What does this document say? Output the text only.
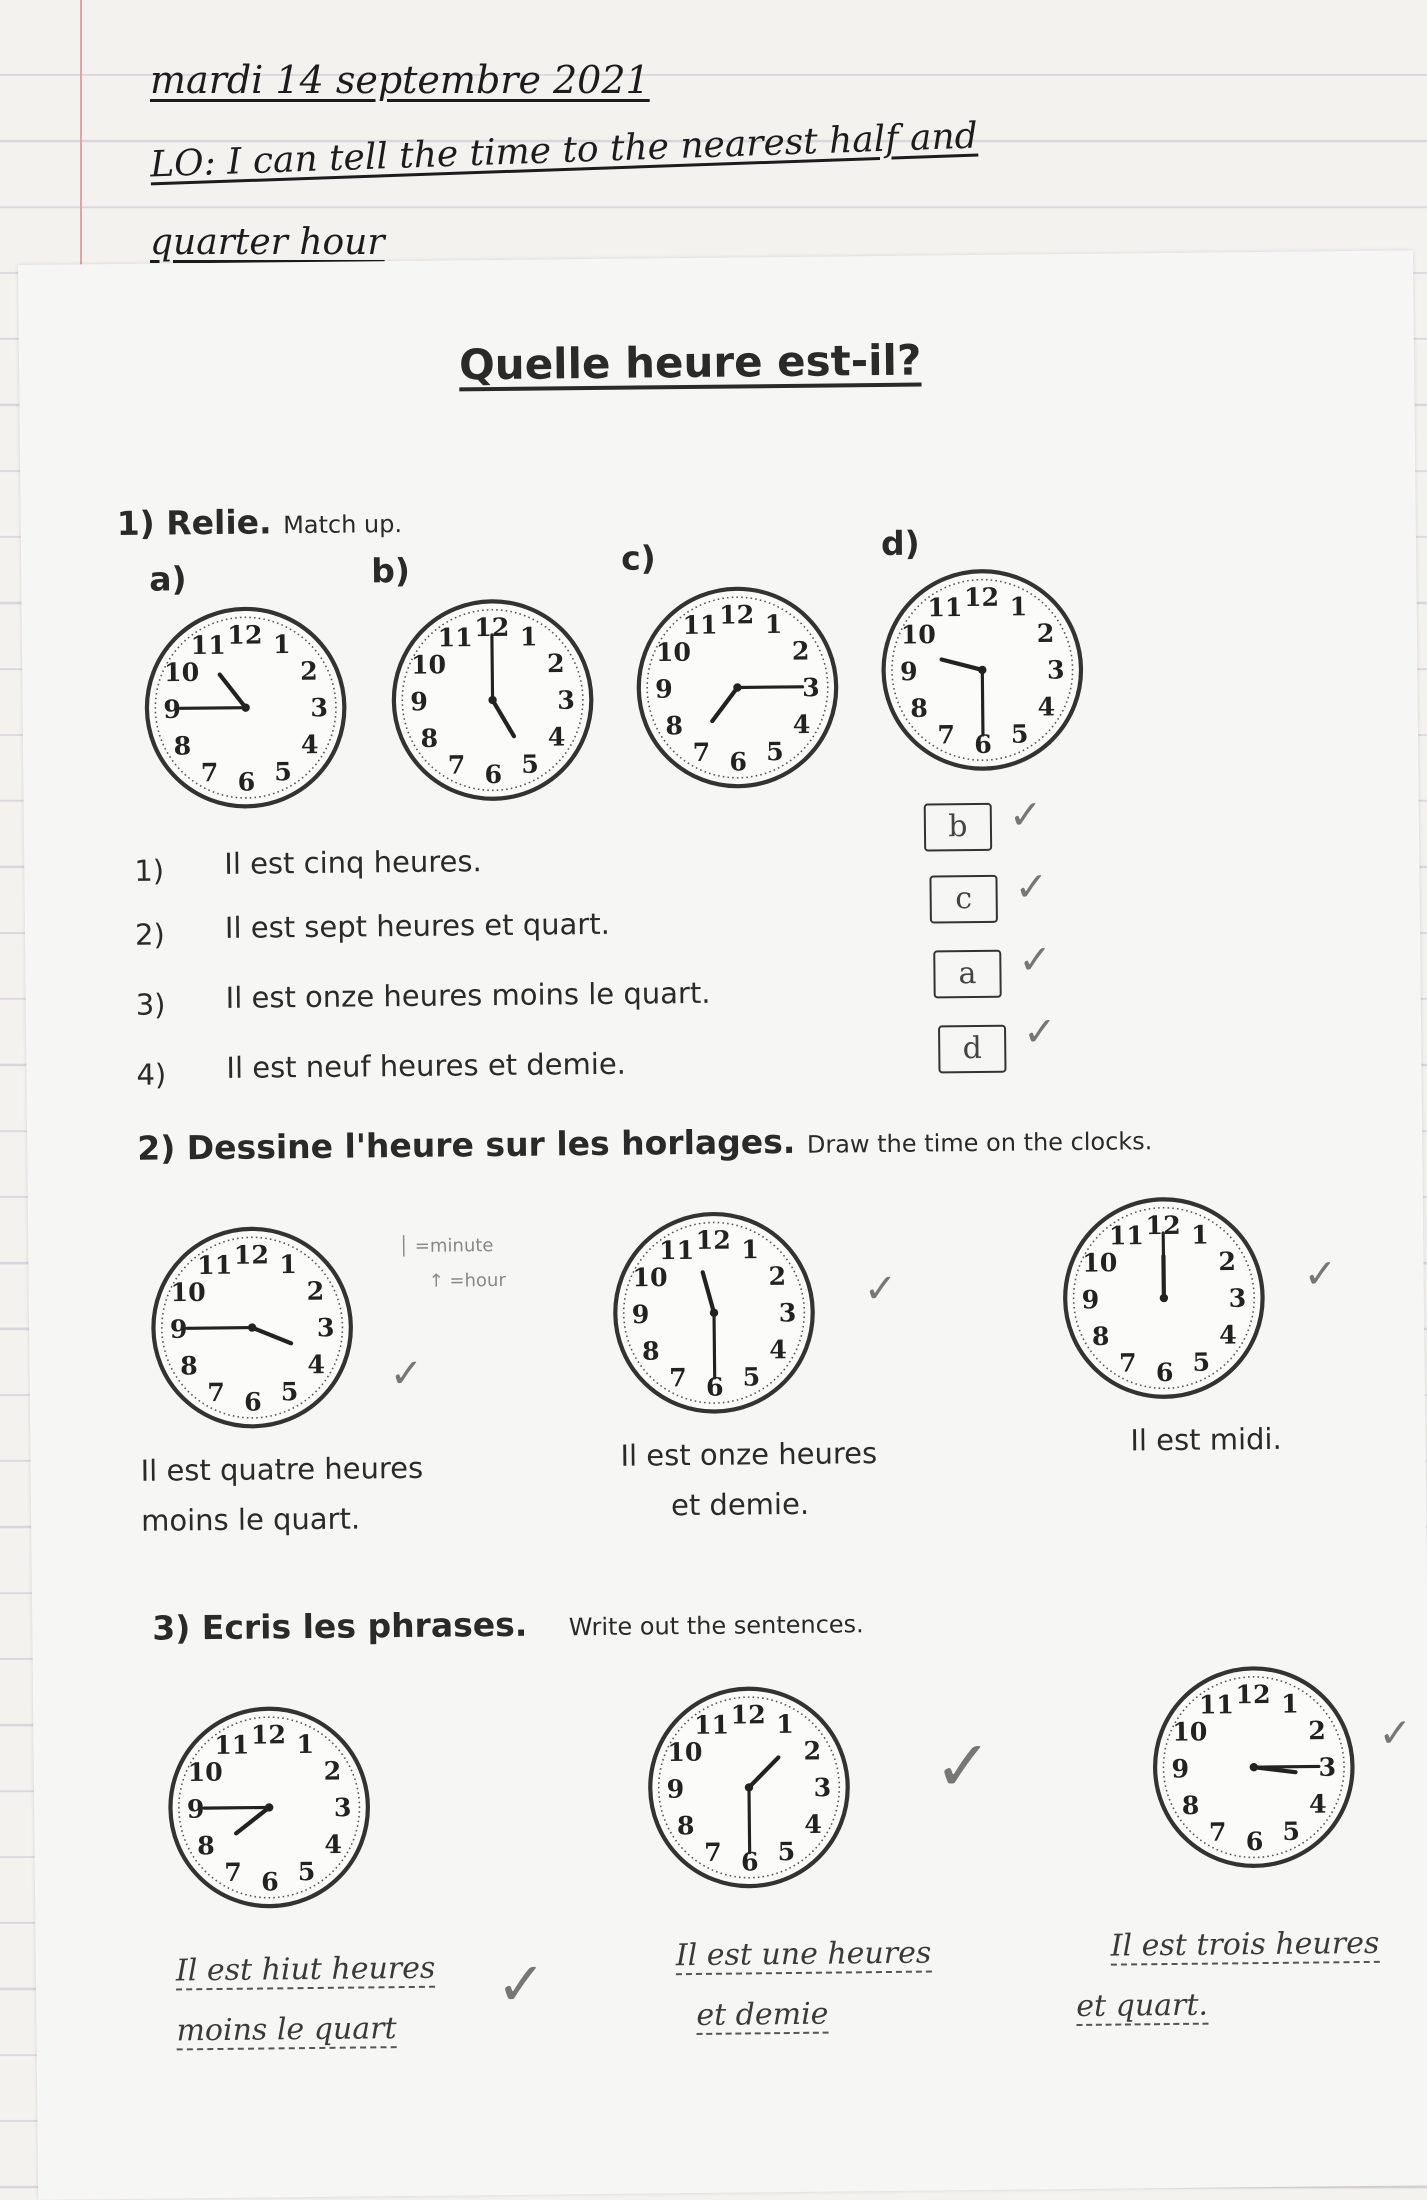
mardi 14 septembre 2021
LO: I can tell the time to the nearest half and
quarter hour
Quelle heure est-il?
1) Relie. Match up.
a)	b)	c)	d)
1
2
3
4
5
6
7
8
9
10
11 12	1
2
3
4
5
6
7
8
9
10
11 12	1
2
3
4
5
6
7
8
9
10
11 12	1
2
3
4
5
6
7
8
9
10
11 12
1) Il est cinq heures.
2) Il est sept heures et quart.
3) Il est onze heures moins le quart.
4) Il est neuf heures et demie.
b	✓
c	✓
a	✓
d	✓
2) Dessine l'heure sur les horlages. Draw the time on the clocks.
1
2
3
4
5
6
7
8
9
10
11 12	│ =minute
↑ =hour
✓
1
2
3
4
5
6
7
8
9
10
11 12
✓
1
2
3
4
5
6
7
8
9
10
11 12
✓
Il est quatre heures
moins le quart.
Il est onze heures
et demie.
Il est midi.
3) Ecris les phrases. Write out the sentences.
1
2
3
4
5
6
7
8
9
10
11 12	1
2
3
4
5
6
7
8
9
10
11 12
✓
1
2
3
4
5
6
7
8
9
10
11 12
✓
Il est hiut heures
moins le quart
✓	Il est une heures
et demie
Il est trois heures
et quart.
